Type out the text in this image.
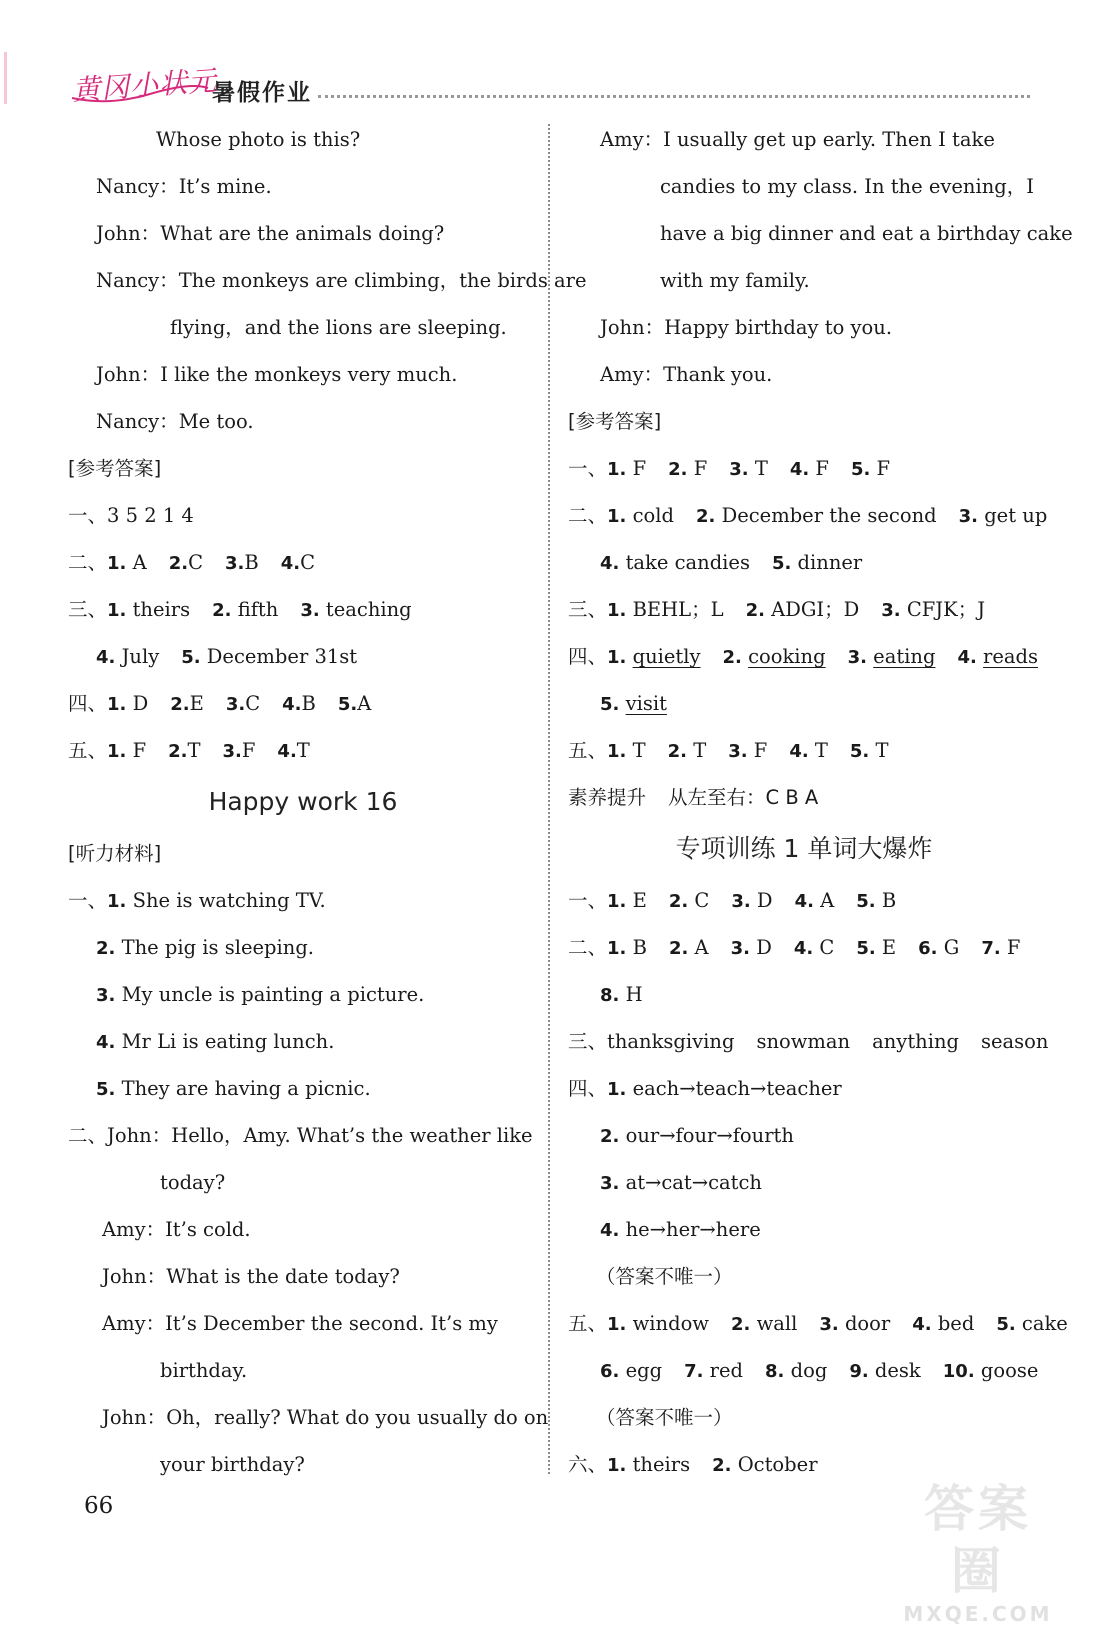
黄冈小状元
暑假作业
Whose photo is this?
Nancy：It’s mine.
John：What are the animals doing?
Nancy：The monkeys are climbing，the birds are
flying，and the lions are sleeping.
John：I like the monkeys very much.
Nancy：Me too.
[参考答案]
一、3 5 2 1 4
二、1. A 2.C 3.B 4.C
三、1. theirs 2. fifth 3. teaching
4. July 5. December 31st
四、1. D 2.E 3.C 4.B 5.A
五、1. F 2.T 3.F 4.T
Happy work 16
[听力材料]
一、1. She is watching TV.
2. The pig is sleeping.
3. My uncle is painting a picture.
4. Mr Li is eating lunch.
5. They are having a picnic.
二、John：Hello，Amy. What’s the weather like
today?
Amy：It’s cold.
John：What is the date today?
Amy：It’s December the second. It’s my
birthday.
John：Oh，really? What do you usually do on
your birthday?
Amy：I usually get up early. Then I take
candies to my class. In the evening，I
have a big dinner and eat a birthday cake
with my family.
John：Happy birthday to you.
Amy：Thank you.
[参考答案]
一、1. F 2. F 3. T 4. F 5. F
二、1. cold 2. December the second 3. get up
4. take candies 5. dinner
三、1. BEHL；L 2. ADGI；D 3. CFJK；J
四、1. quietly 2. cooking 3. eating 4. reads
5. visit
五、1. T 2. T 3. F 4. T 5. T
素养提升 从左至右：C B A
专项训练 1 单词大爆炸
一、1. E 2. C 3. D 4. A 5. B
二、1. B 2. A 3. D 4. C 5. E 6. G 7. F
8. H
三、thanksgiving snowman anything season
四、1. each→teach→teacher
2. our→four→fourth
3. at→cat→catch
4. he→her→here
（答案不唯一）
五、1. window 2. wall 3. door 4. bed 5. cake
6. egg 7. red 8. dog 9. desk 10. goose
（答案不唯一）
六、1. theirs 2. October
66	答案圈
MXQE.COM
